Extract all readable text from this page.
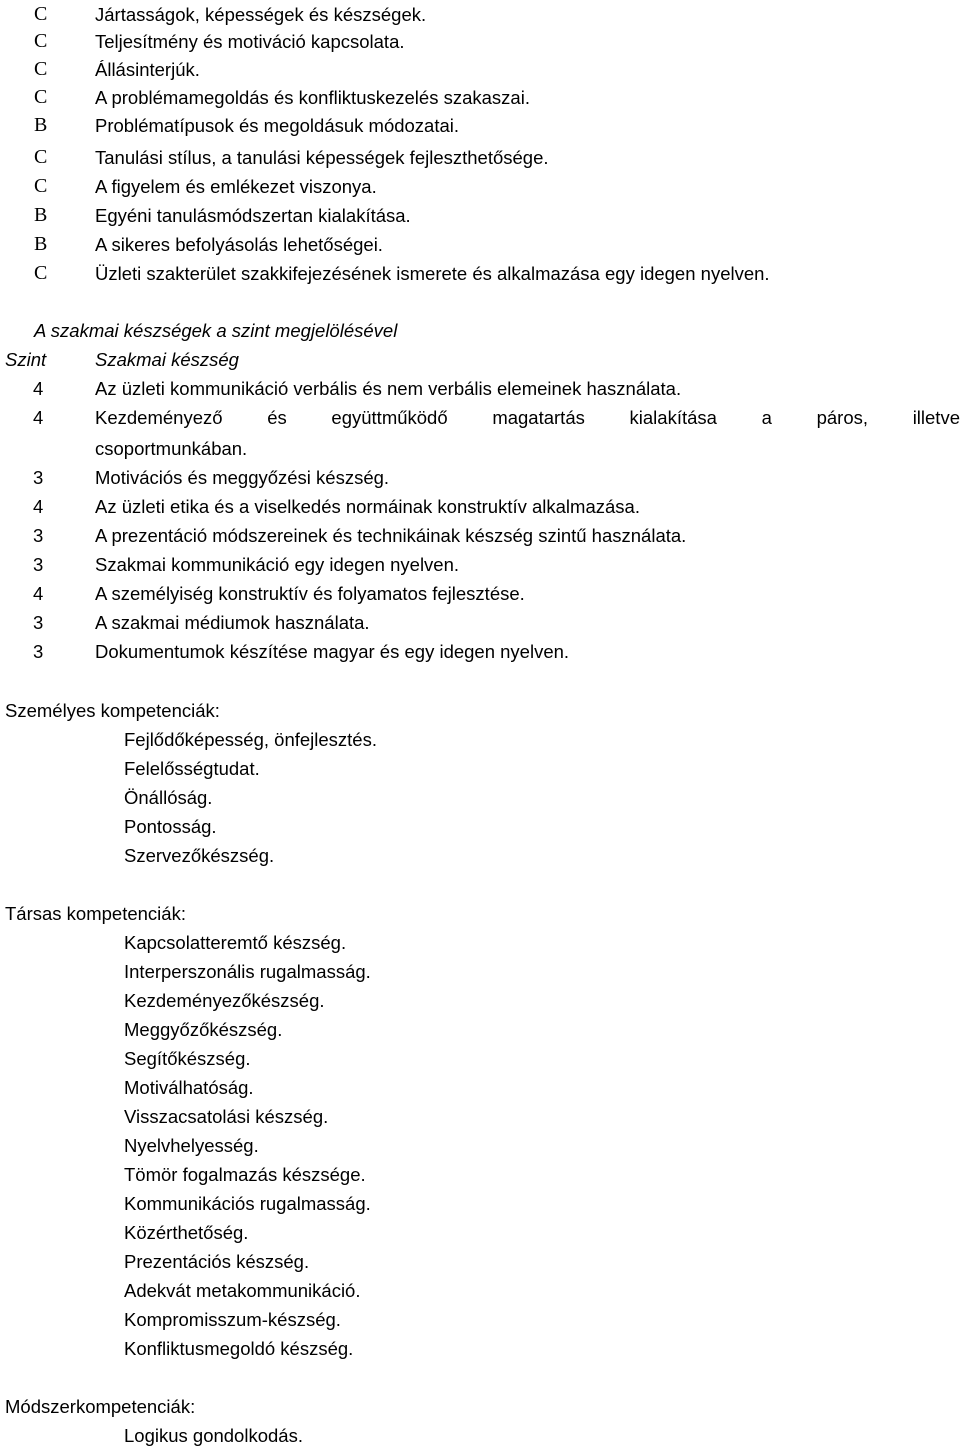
C	Jártasságok, képességek és készségek.
C	Teljesítmény és motiváció kapcsolata.
C	Állásinterjúk.
C	A problémamegoldás és konfliktuskezelés szakaszai.
B	Problématípusok és megoldásuk módozatai.
C	Tanulási stílus, a tanulási képességek fejleszthetősége.
C	A figyelem és emlékezet viszonya.
B	Egyéni tanulásmódszertan kialakítása.
B	A sikeres befolyásolás lehetőségei.
C	Üzleti szakterület szakkifejezésének ismerete és alkalmazása egy idegen nyelven.
A szakmai készségek a szint megjelölésével
Szint	Szakmai készség
4	Az üzleti kommunikáció verbális és nem verbális elemeinek használata.
4	Kezdeményező és együttműködő magatartás kialakítása a páros, illetve
csoportmunkában.
3	Motivációs és meggyőzési készség.
4	Az üzleti etika és a viselkedés normáinak konstruktív alkalmazása.
3	A prezentáció módszereinek és technikáinak készség szintű használata.
3	Szakmai kommunikáció egy idegen nyelven.
4	A személyiség konstruktív és folyamatos fejlesztése.
3	A szakmai médiumok használata.
3	Dokumentumok készítése magyar és egy idegen nyelven.
Személyes kompetenciák:
Fejlődőképesség, önfejlesztés.
Felelősségtudat.
Önállóság.
Pontosság.
Szervezőkészség.
Társas kompetenciák:
Kapcsolatteremtő készség.
Interperszonális rugalmasság.
Kezdeményezőkészség.
Meggyőzőkészség.
Segítőkészség.
Motiválhatóság.
Visszacsatolási készség.
Nyelvhelyesség.
Tömör fogalmazás készsége.
Kommunikációs rugalmasság.
Közérthetőség.
Prezentációs készség.
Adekvát metakommunikáció.
Kompromisszum-készség.
Konfliktusmegoldó készség.
Módszerkompetenciák:
Logikus gondolkodás.
